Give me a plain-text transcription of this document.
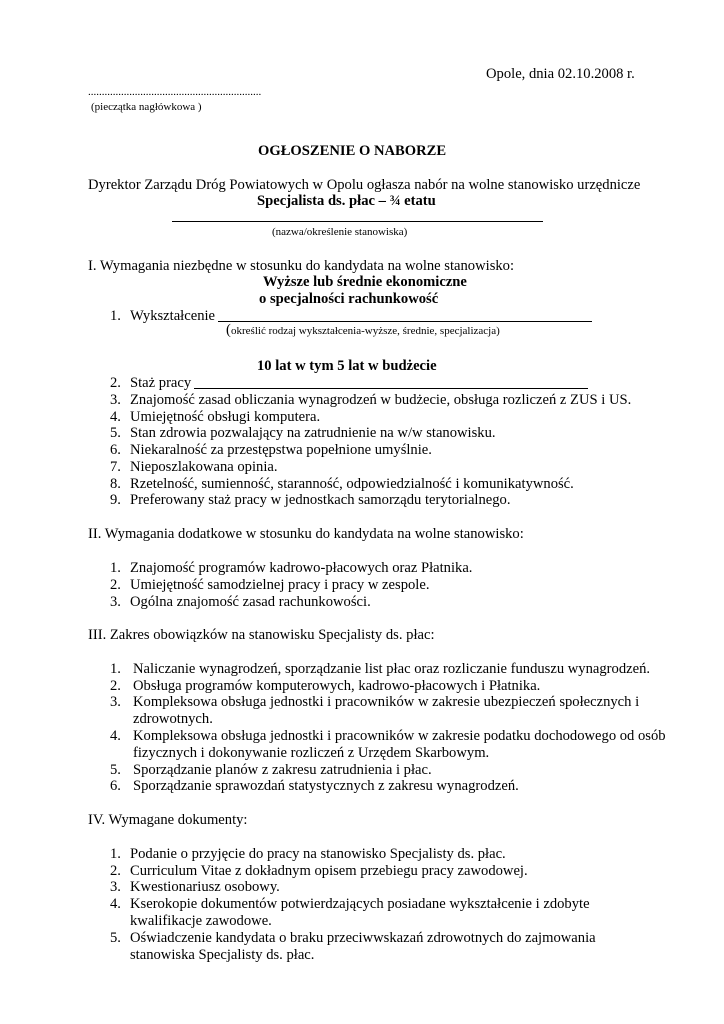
Opole, dnia 02.10.2008 r.
...............................................................
(pieczątka nagłówkowa )
OGŁOSZENIE O NABORZE
Dyrektor Zarządu Dróg Powiatowych w Opolu ogłasza nabór na wolne stanowisko urzędnicze
Specjalista ds. płac – ¾ etatu
(nazwa/określenie stanowiska)
I. Wymagania niezbędne w stosunku do kandydata na wolne stanowisko:
Wyższe lub średnie ekonomiczne
o specjalności rachunkowość
1. Wykształcenie
( określić rodzaj wykształcenia-wyższe, średnie, specjalizacja)
10 lat w tym 5 lat w budżecie
2. Staż pracy
3. Znajomość zasad obliczania wynagrodzeń w budżecie, obsługa rozliczeń z ZUS i US.
4. Umiejętność obsługi komputera.
5. Stan zdrowia pozwalający na zatrudnienie na w/w stanowisku.
6. Niekaralność za przestępstwa popełnione umyślnie.
7. Nieposzlakowana opinia.
8. Rzetelność, sumienność, staranność, odpowiedzialność i komunikatywność.
9. Preferowany staż pracy w jednostkach samorządu terytorialnego.
II. Wymagania dodatkowe w stosunku do kandydata na wolne stanowisko:
1. Znajomość programów kadrowo-płacowych oraz Płatnika.
2. Umiejętność samodzielnej pracy i pracy w zespole.
3. Ogólna znajomość zasad rachunkowości.
III. Zakres obowiązków na stanowisku Specjalisty ds. płac:
1. Naliczanie wynagrodzeń, sporządzanie list płac oraz rozliczanie funduszu wynagrodzeń.
2. Obsługa programów komputerowych, kadrowo-płacowych i Płatnika.
3. Kompleksowa obsługa jednostki i pracowników w zakresie ubezpieczeń społecznych i
zdrowotnych.
4. Kompleksowa obsługa jednostki i pracowników w zakresie podatku dochodowego od osób
fizycznych i dokonywanie rozliczeń z Urzędem Skarbowym.
5. Sporządzanie planów z zakresu zatrudnienia i płac.
6. Sporządzanie sprawozdań statystycznych z zakresu wynagrodzeń.
IV. Wymagane dokumenty:
1. Podanie o przyjęcie do pracy na stanowisko Specjalisty ds. płac.
2. Curriculum Vitae z dokładnym opisem przebiegu pracy zawodowej.
3. Kwestionariusz osobowy.
4. Kserokopie dokumentów potwierdzających posiadane wykształcenie i zdobyte
kwalifikacje zawodowe.
5. Oświadczenie kandydata o braku przeciwwskazań zdrowotnych do zajmowania
stanowiska Specjalisty ds. płac.
